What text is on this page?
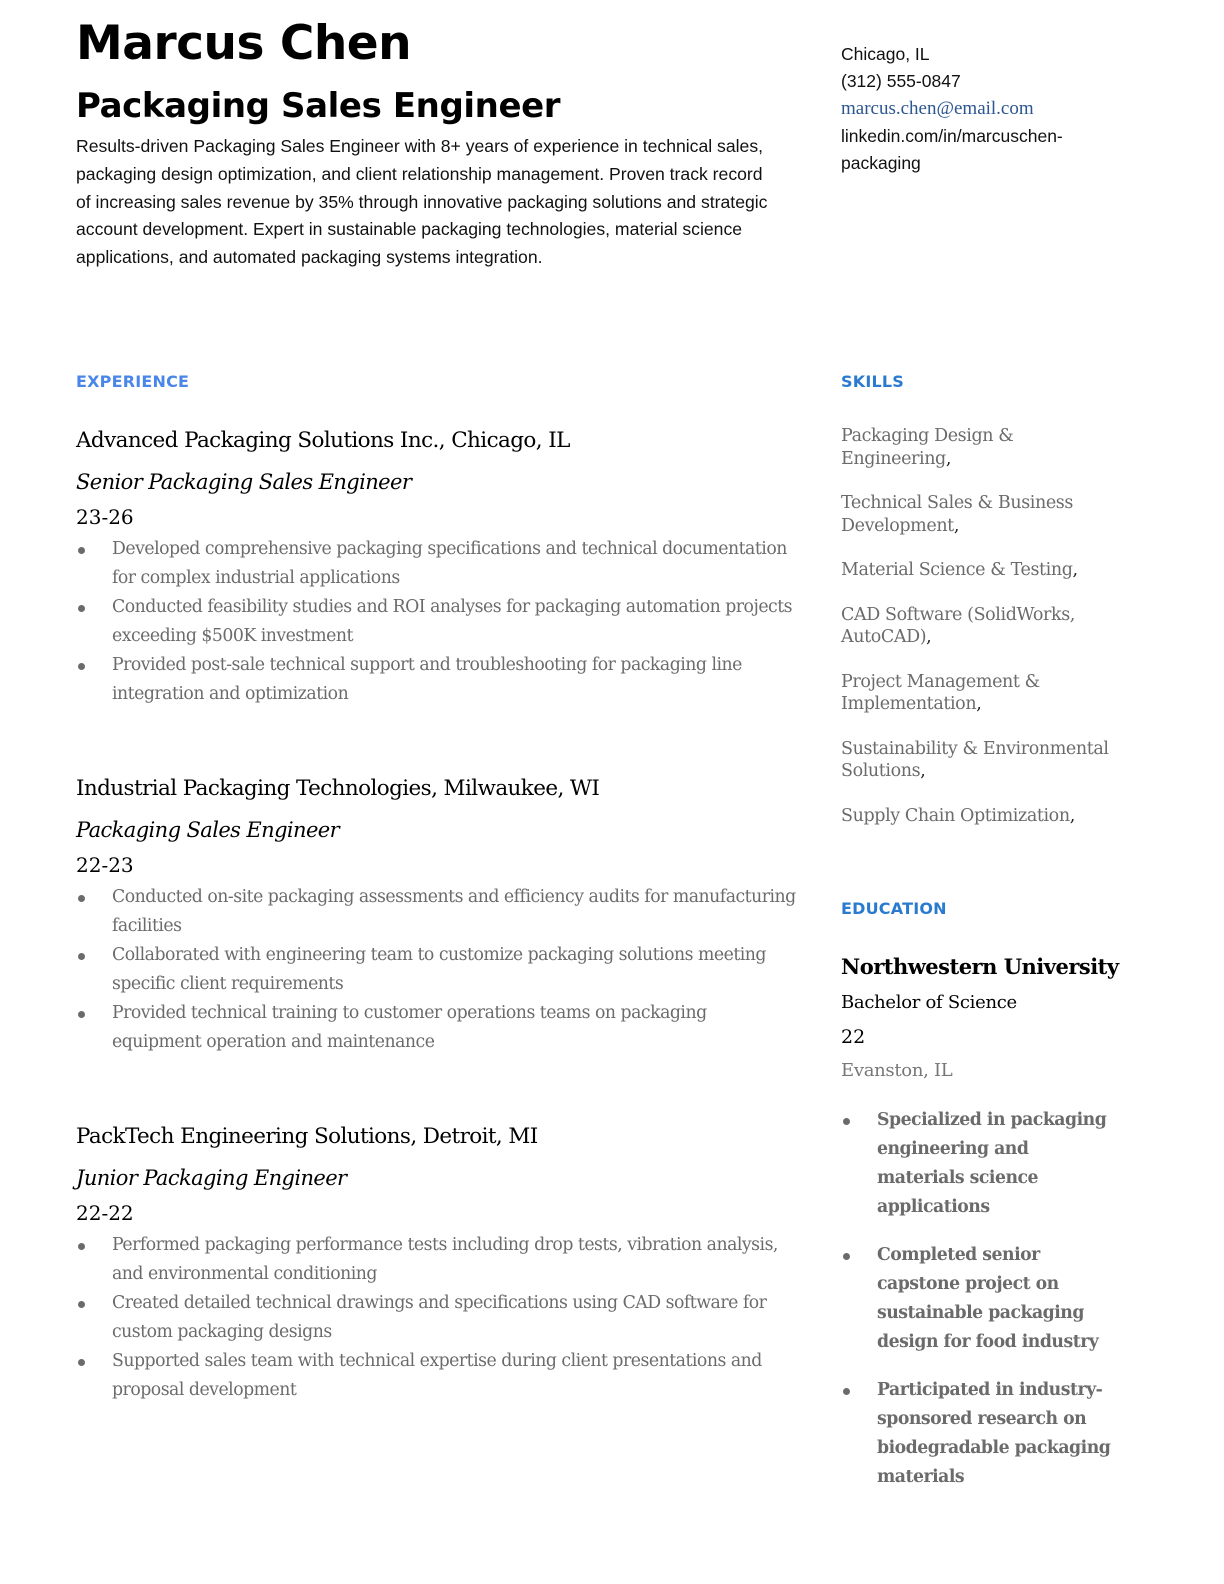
Marcus Chen
Packaging Sales Engineer
Results-driven Packaging Sales Engineer with 8+ years of experience in technical sales, packaging design optimization, and client relationship management. Proven track record of increasing sales revenue by 35% through innovative packaging solutions and strategic account development. Expert in sustainable packaging technologies, material science applications, and automated packaging systems integration.
EXPERIENCE
Advanced Packaging Solutions Inc., Chicago, IL
Senior Packaging Sales Engineer
23-26
Developed comprehensive packaging specifications and technical documentation for complex industrial applications
Conducted feasibility studies and ROI analyses for packaging automation projects exceeding $500K investment
Provided post-sale technical support and troubleshooting for packaging line integration and optimization
Industrial Packaging Technologies, Milwaukee, WI
Packaging Sales Engineer
22-23
Conducted on-site packaging assessments and efficiency audits for manufacturing facilities
Collaborated with engineering team to customize packaging solutions meeting specific client requirements
Provided technical training to customer operations teams on packaging equipment operation and maintenance
PackTech Engineering Solutions, Detroit, MI
Junior Packaging Engineer
22-22
Performed packaging performance tests including drop tests, vibration analysis, and environmental conditioning
Created detailed technical drawings and specifications using CAD software for custom packaging designs
Supported sales team with technical expertise during client presentations and proposal development
Chicago, IL
(312) 555-0847
marcus.chen@email.com
linkedin.com/in/marcuschen-packaging
SKILLS
Packaging Design & Engineering,
Technical Sales & Business Development,
Material Science & Testing,
CAD Software (SolidWorks, AutoCAD),
Project Management & Implementation,
Sustainability & Environmental Solutions,
Supply Chain Optimization,
EDUCATION
Northwestern University
Bachelor of Science
22
Evanston, IL
Specialized in packaging engineering and materials science applications
Completed senior capstone project on sustainable packaging design for food industry
Participated in industry-sponsored research on biodegradable packaging materials
